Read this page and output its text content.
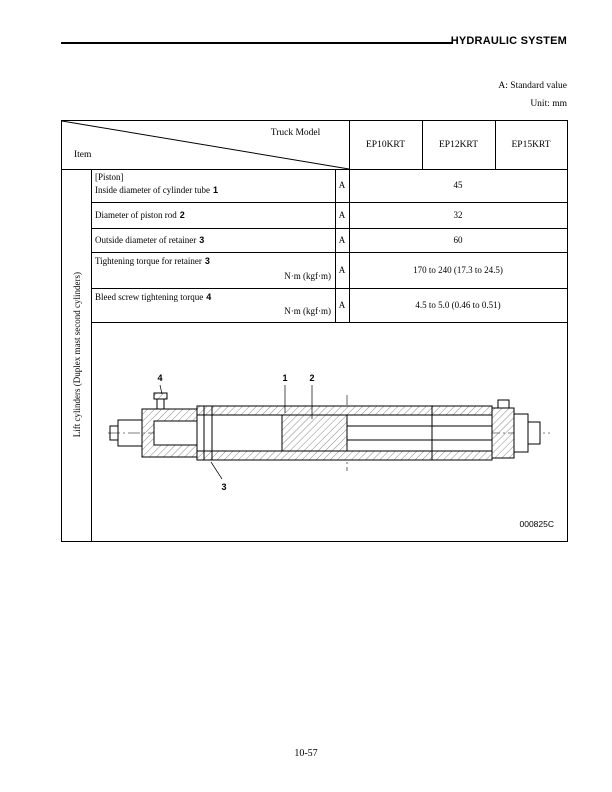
HYDRAULIC SYSTEM
A: Standard value
Unit: mm
Truck Model
Item
EP10KRT	EP12KRT	EP15KRT
Lift cylinders (Duplex mast second cylinders)
[Piston]
Inside diameter of cylinder tube 1	A	45
Diameter of piston rod 2	A	32
Outside diameter of retainer 3	A	60
Tightening torque for retainer 3
N·m (kgf·m)
A	170 to 240 (17.3 to 24.5)
Bleed screw tightening torque 4
N·m (kgf·m)
A	4.5 to 5.0 (0.46 to 0.51)
4	1 2
3
000825C
10-57
